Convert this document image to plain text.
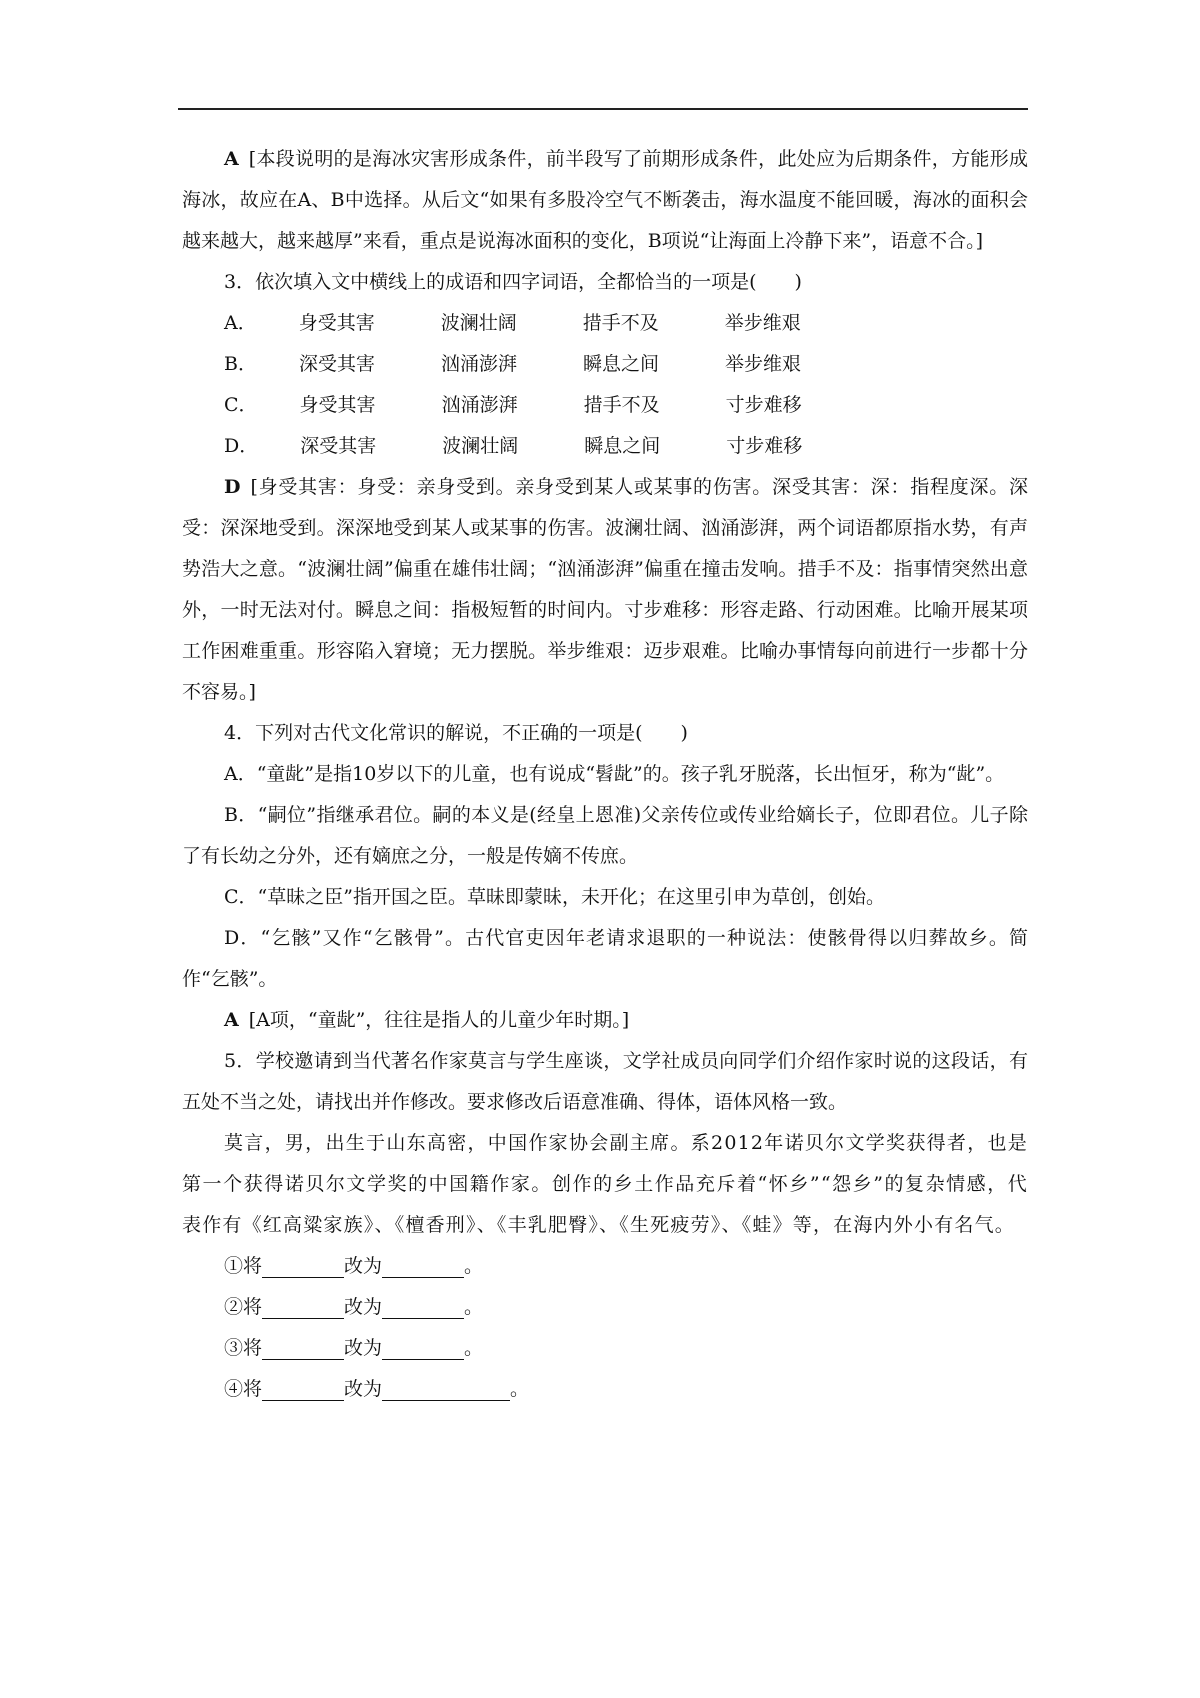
A [本段说明的是海冰灾害形成条件，前半段写了前期形成条件，此处应为后期条件，方能形成海冰，故应在A、B中选择。从后文“如果有多股冷空气不断袭击，海水温度不能回暖，海冰的面积会越来越大，越来越厚”来看，重点是说海冰面积的变化，B项说“让海面上冷静下来”，语意不合。]

3．依次填入文中横线上的成语和四字词语，全都恰当的一项是(　　)

A． 身受其害	波澜壮阔	措手不及	举步维艰

B． 深受其害	汹涌澎湃	瞬息之间	举步维艰

C． 身受其害	汹涌澎湃	措手不及	寸步难移

D． 深受其害	波澜壮阔	瞬息之间	寸步难移

D [身受其害：身受：亲身受到。亲身受到某人或某事的伤害。深受其害：深：指程度深。深受：深深地受到。深深地受到某人或某事的伤害。波澜壮阔、汹涌澎湃，两个词语都原指水势，有声势浩大之意。“波澜壮阔”偏重在雄伟壮阔；“汹涌澎湃”偏重在撞击发响。措手不及：指事情突然出意外，一时无法对付。瞬息之间：指极短暂的时间内。寸步难移：形容走路、行动困难。比喻开展某项工作困难重重。形容陷入窘境；无力摆脱。举步维艰：迈步艰难。比喻办事情每向前进行一步都十分不容易。]

4．下列对古代文化常识的解说，不正确的一项是(　　)

A．“童龀”是指10岁以下的儿童，也有说成“髫龀”的。孩子乳牙脱落，长出恒牙，称为“龀”。

B．“嗣位”指继承君位。嗣的本义是(经皇上恩准)父亲传位或传业给嫡长子，位即君位。儿子除了有长幼之分外，还有嫡庶之分，一般是传嫡不传庶。

C．“草昧之臣”指开国之臣。草昧即蒙昧，未开化；在这里引申为草创，创始。

D．“乞骸”又作“乞骸骨”。古代官吏因年老请求退职的一种说法：使骸骨得以归葬故乡。简作“乞骸”。

A [A项，“童龀”，往往是指人的儿童少年时期。]

5．学校邀请到当代著名作家莫言与学生座谈，文学社成员向同学们介绍作家时说的这段话，有五处不当之处，请找出并作修改。要求修改后语意准确、得体，语体风格一致。

莫言，男，出生于山东高密，中国作家协会副主席。系2012年诺贝尔文学奖获得者，也是第一个获得诺贝尔文学奖的中国籍作家。创作的乡土作品充斥着“怀乡”“怨乡”的复杂情感，代表作有《红高粱家族》、《檀香刑》、《丰乳肥臀》、《生死疲劳》、《蛙》等，在海内外小有名气。

①将	改为	。

②将	改为	。

③将	改为	。

④将	改为	。
